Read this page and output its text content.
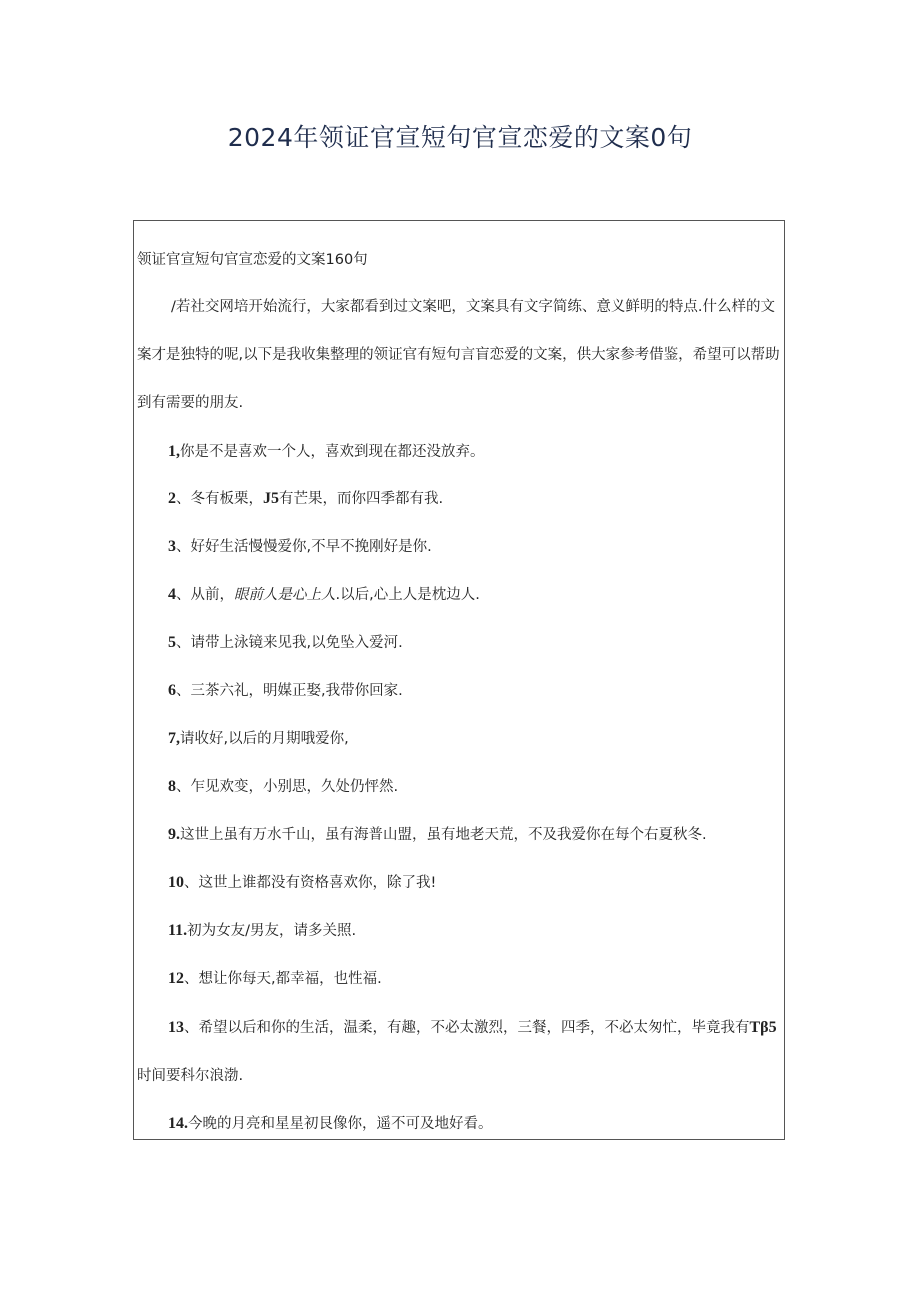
2024年领证官宣短句官宣恋爱的文案0句
领证官宣短句官宣恋爱的文案160句
/若社交网培开始流行，大家都看到过文案吧，文案具有文字简练、意义鲜明的特点.什么样的文
案才是独特的呢,以下是我收集整理的领证官有短句言盲恋爱的文案，供大家参考借鉴，希望可以帮助
到有需要的朋友.
1,你是不是喜欢一个人，喜欢到现在都还没放弃。
2、冬有板栗，J5有芒果，而你四季都有我.
3、好好生活慢慢爱你,不早不挽刚好是你.
4、从前，眼前人是心上人.以后,心上人是枕边人.
5、请带上泳镜来见我,以免坠入爱河.
6、三茶六礼，明媒正娶,我带你回家.
7,请收好,以后的月期哦爱你,
8、乍见欢变，小别思，久处仍怦然.
9.这世上虽有万水千山，虽有海普山盟，虽有地老天荒，不及我爱你在每个右夏秋冬.
10、这世上谁都没有资格喜欢你，除了我!
11.初为女友/男友，请多关照.
12、想让你每天,都幸福，也性福.
13、希望以后和你的生活，温柔，有趣，不必太激烈，三餐，四季，不必太匆忙，毕竟我有Tβ5
时间要科尔浪渤.
14.今晚的月亮和星星初艮像你，遥不可及地好看。
